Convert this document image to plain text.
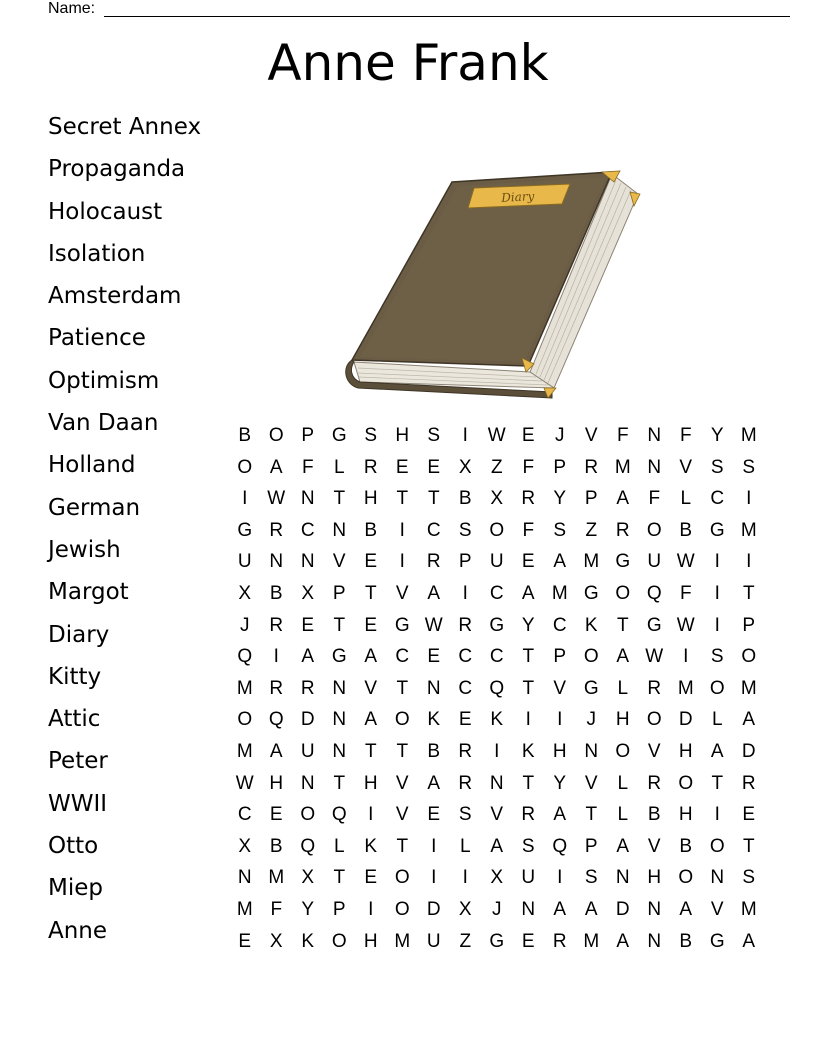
Name:
Anne Frank
Secret Annex
Propaganda
Holocaust
Isolation
Amsterdam
Patience
Optimism
Van Daan
Holland
German
Jewish
Margot
Diary
Kitty
Attic
Peter
WWII
Otto
Miep
Anne
Diary
B O P G S H S	I	W E	J	V	F N F	Y M
O A	F	L	R E E X	Z	F	P R M N V S S
I	W N T H T	T	B X R Y P A	F	L	C	I
G R C N B	I	C S O F	S	Z R O B G M
U N N V E	I	R P U E A M G U W	I	I
X B X P	T	V A	I	C A M G O Q F	I	T
J	R E	T	E G W R G Y C K	T G W	I	P
Q	I	A G A C E C C T	P O A W	I	S O
M R R N V	T N C Q T	V G L	R M O M
O Q D N A O K E K	I	I	J	H O D	L	A
M A U N T	T	B R	I	K H N O V H A D
W H N T H V A R N T	Y V	L	R O T R
C E O Q	I	V E S V R A	T	L	B H	I	E
X B Q L	K	T	I	L	A S Q P A V B O T
N M X	T	E O	I	I	X U	I	S N H O N S
M F	Y P	I	O D X	J	N A A D N A V M
E X K O H M U Z G E R M A N B G A
